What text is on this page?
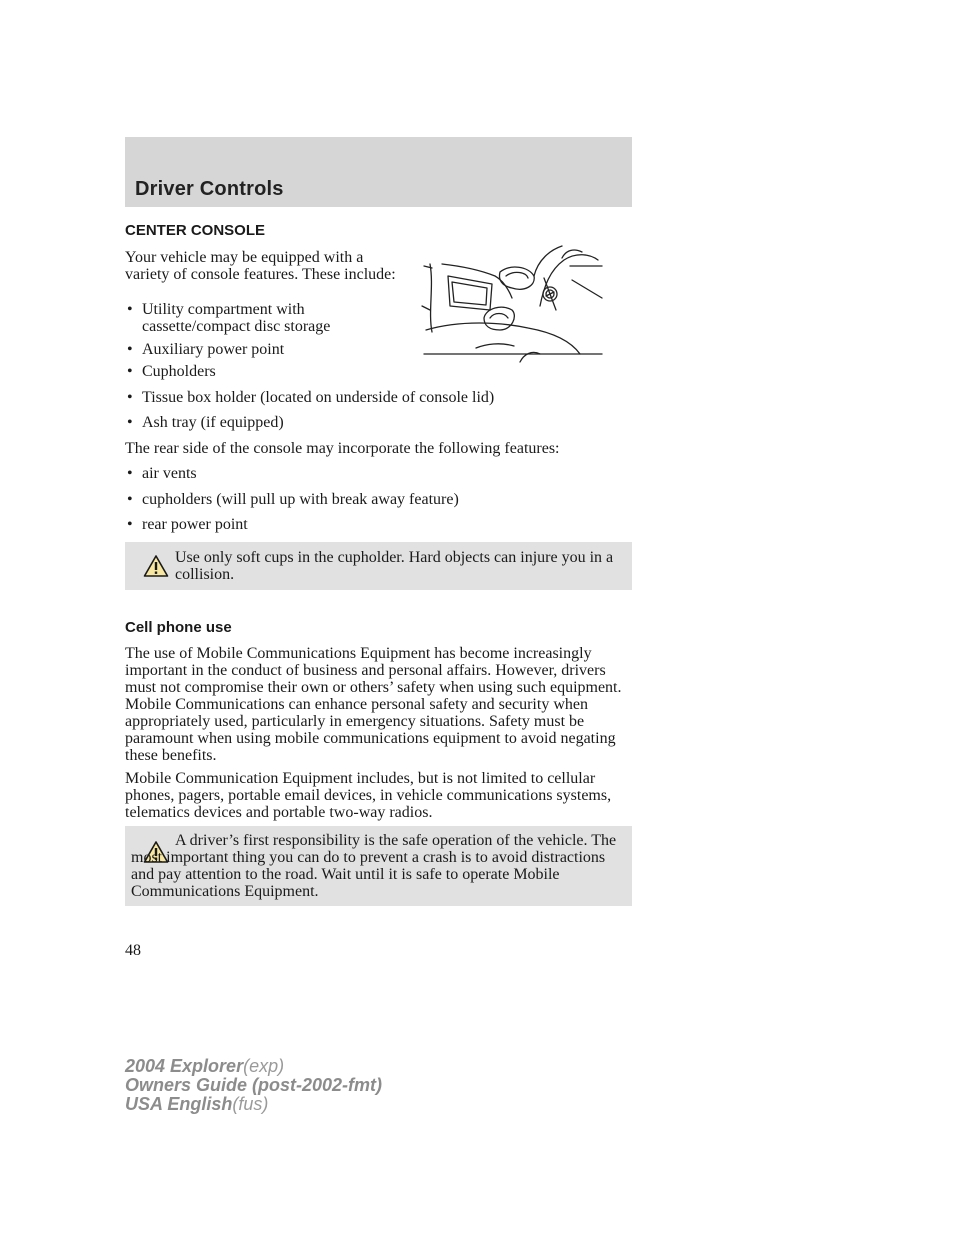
Driver Controls
CENTER CONSOLE
Your vehicle may be equipped with a variety of console features. These include:
• Utility compartment with
cassette/compact disc storage
• Auxiliary power point
• Cupholders
• Tissue box holder (located on underside of console lid)
• Ash tray (if equipped)
The rear side of the console may incorporate the following features:
• air vents
• cupholders (will pull up with break away feature)
• rear power point
Use only soft cups in the cupholder. Hard objects can injure you in a collision.
Cell phone use
The use of Mobile Communications Equipment has become increasingly important in the conduct of business and personal affairs. However, drivers must not compromise their own or others’ safety when using such equipment. Mobile Communications can enhance personal safety and security when appropriately used, particularly in emergency situations. Safety must be paramount when using mobile communications equipment to avoid negating these benefits.
Mobile Communication Equipment includes, but is not limited to cellular phones, pagers, portable email devices, in vehicle communications systems, telematics devices and portable two-way radios.
A driver’s first responsibility is the safe operation of the vehicle. The most important thing you can do to prevent a crash is to avoid distractions and pay attention to the road. Wait until it is safe to operate Mobile Communications Equipment.
48
2004 Explorer(exp)
Owners Guide (post-2002-fmt)
USA English(fus)
